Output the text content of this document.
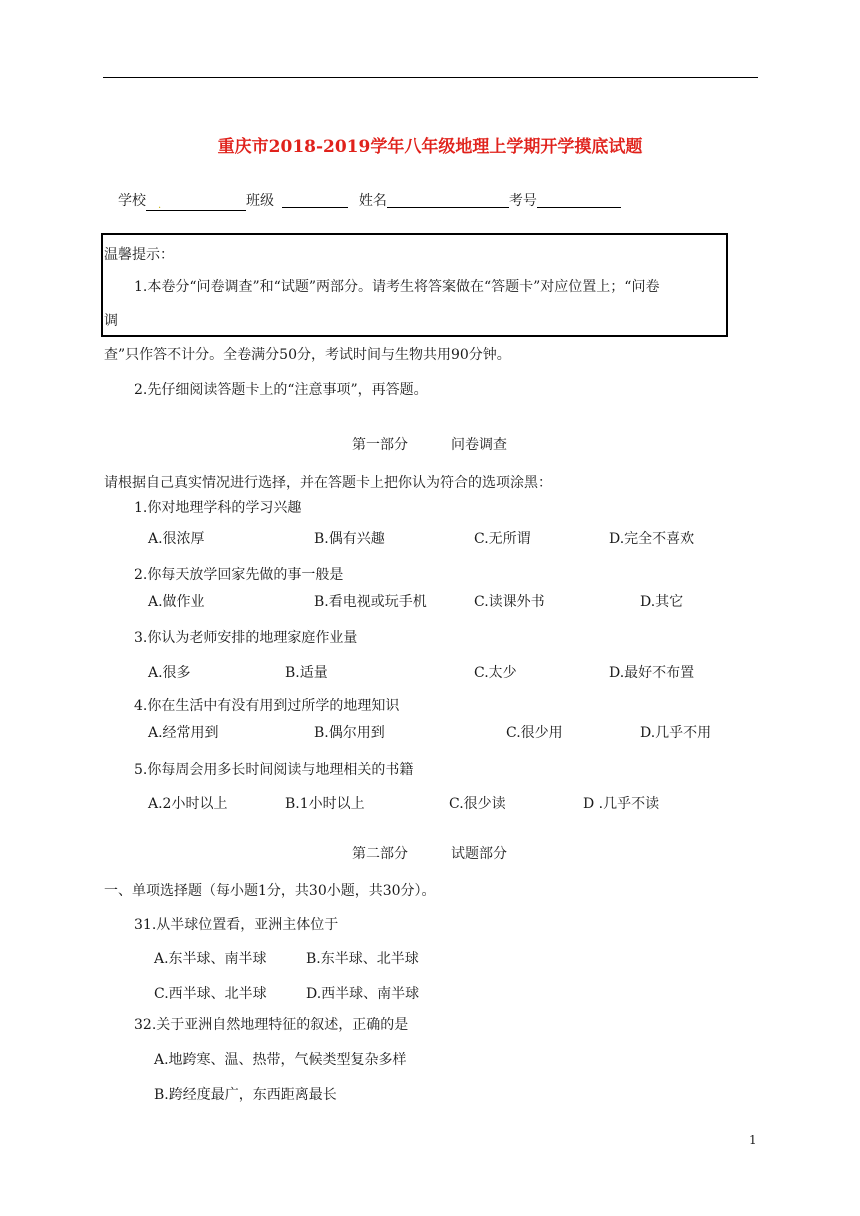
重庆市2018-2019学年八年级地理上学期开学摸底试题
学校 .	班级	姓名	考号
温馨提示：
1.本卷分“问卷调查”和“试题”两部分。请考生将答案做在“答题卡”对应位置上；“问卷
调
查”只作答不计分。全卷满分50分，考试时间与生物共用90分钟。
2.先仔细阅读答题卡上的“注意事项”，再答题。
第一部分	问卷调查
请根据自己真实情况进行选择，并在答题卡上把你认为符合的选项涂黑：
1.你对地理学科的学习兴趣
A.很浓厚	B.偶有兴趣	C.无所谓	D.完全不喜欢
2.你每天放学回家先做的事一般是
A.做作业	B.看电视或玩手机	C.读课外书	D.其它
3.你认为老师安排的地理家庭作业量
A.很多	B.适量	C.太少	D.最好不布置
4.你在生活中有没有用到过所学的地理知识
A.经常用到	B.偶尔用到	C.很少用	D.几乎不用
5.你每周会用多长时间阅读与地理相关的书籍
A.2小时以上	B.1小时以上	C.很少读	D .几乎不读
第二部分	试题部分
一、单项选择题（每小题1分，共30小题，共30分）。
31.从半球位置看，亚洲主体位于
A.东半球、南半球	B.东半球、北半球
C.西半球、北半球	D.西半球、南半球
32.关于亚洲自然地理特征的叙述，正确的是
A.地跨寒、温、热带，气候类型复杂多样
B.跨经度最广，东西距离最长
1
